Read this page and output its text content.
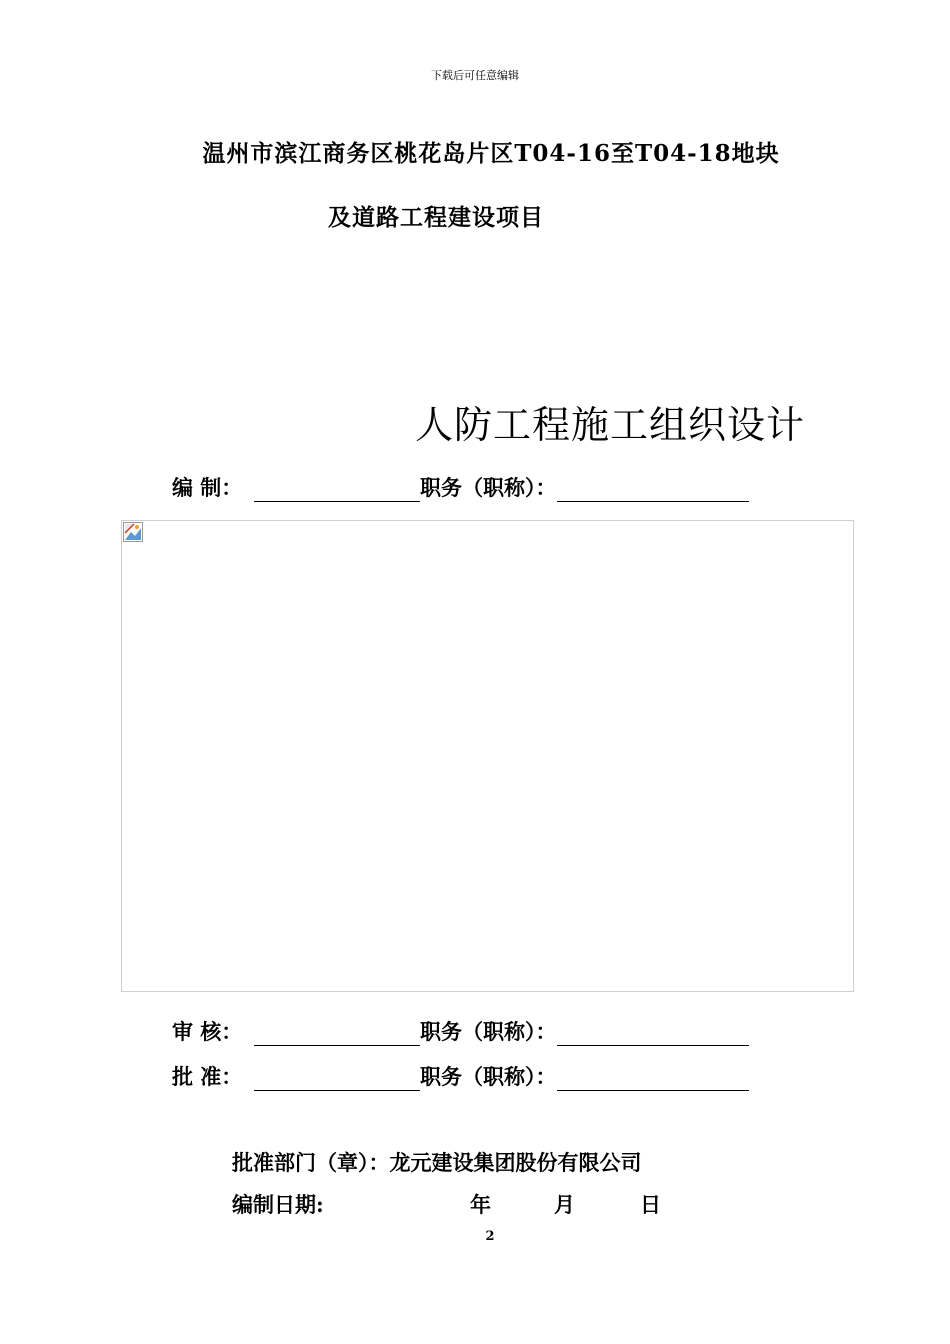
下载后可任意编辑
温州市滨江商务区桃花岛片区T04-16至T04-18地块
及道路工程建设项目
人防工程施工组织设计
编 制：	职务（职称）：
审 核：	职务（职称）：
批 准：	职务（职称）：
批准部门（章）：龙元建设集团股份有限公司
编制日期:	年	月	日
2
